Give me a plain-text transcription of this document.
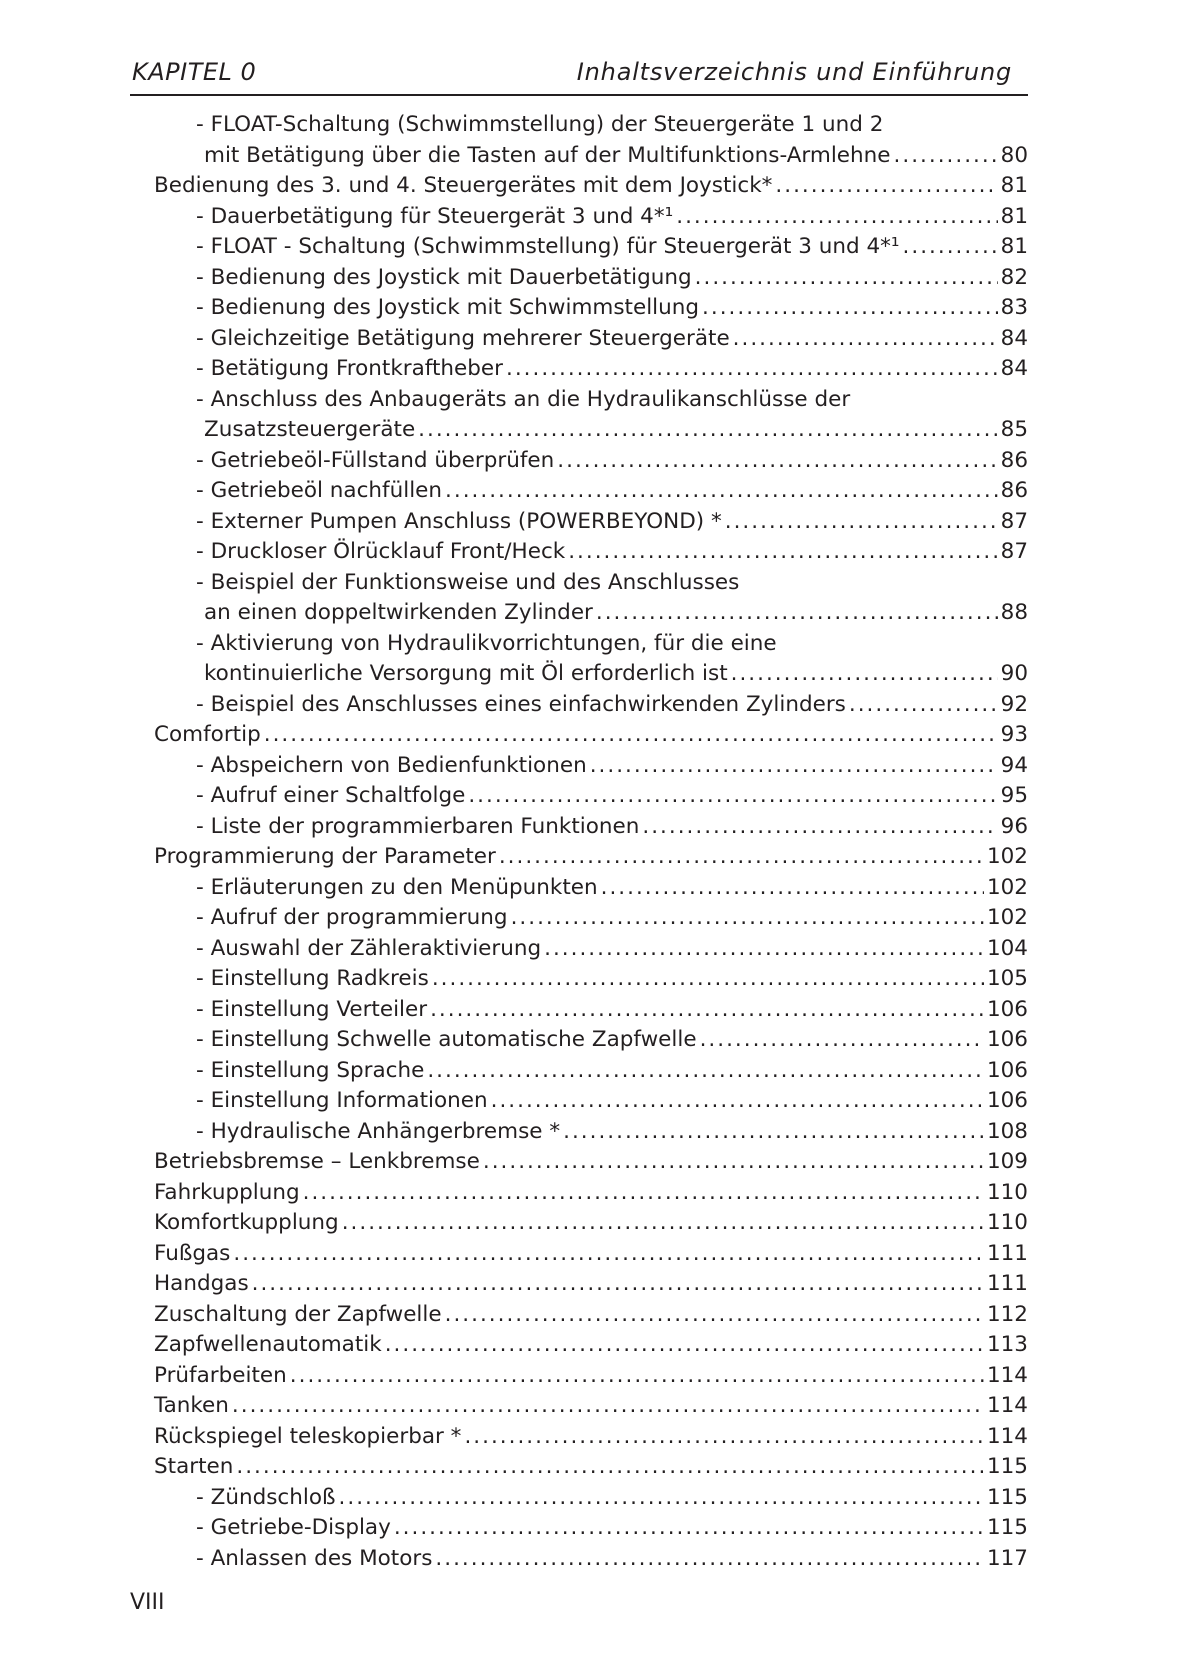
KAPITEL 0	Inhaltsverzeichnis und Einführung
- FLOAT-Schaltung (Schwimmstellung) der Steuergeräte 1 und 2
mit Betätigung über die Tasten auf der Multifunktions-Armlehne .....	80
Bedienung des 3. und 4. Steuergerätes mit dem Joystick* .....	81
- Dauerbetätigung für Steuergerät 3 und 4*¹ .....	81
- FLOAT - Schaltung (Schwimmstellung) für Steuergerät 3 und 4*¹ .....	81
- Bedienung des Joystick mit Dauerbetätigung .....	82
- Bedienung des Joystick mit Schwimmstellung .....	83
- Gleichzeitige Betätigung mehrerer Steuergeräte .....	84
- Betätigung Frontkraftheber .....	84
- Anschluss des Anbaugeräts an die Hydraulikanschlüsse der
Zusatzsteuergeräte .....	85
- Getriebeöl-Füllstand überprüfen .....	86
- Getriebeöl nachfüllen .....	86
- Externer Pumpen Anschluss (POWERBEYOND) * .....	87
- Druckloser Ölrücklauf Front/Heck .....	87
- Beispiel der Funktionsweise und des Anschlusses
an einen doppeltwirkenden Zylinder .....	88
- Aktivierung von Hydraulikvorrichtungen, für die eine
kontinuierliche Versorgung mit Öl erforderlich ist .....	90
- Beispiel des Anschlusses eines einfachwirkenden Zylinders .....	92
Comfortip .....	93
- Abspeichern von Bedienfunktionen .....	94
- Aufruf einer Schaltfolge .....	95
- Liste der programmierbaren Funktionen .....	96
Programmierung der Parameter .....	102
- Erläuterungen zu den Menüpunkten .....	102
- Aufruf der programmierung .....	102
- Auswahl der Zähleraktivierung .....	104
- Einstellung Radkreis .....	105
- Einstellung Verteiler .....	106
- Einstellung Schwelle automatische Zapfwelle .....	106
- Einstellung Sprache .....	106
- Einstellung Informationen .....	106
- Hydraulische Anhängerbremse * .....	108
Betriebsbremse – Lenkbremse .....	109
Fahrkupplung .....	110
Komfortkupplung .....	110
Fußgas .....	111
Handgas .....	111
Zuschaltung der Zapfwelle .....	112
Zapfwellenautomatik .....	113
Prüfarbeiten .....	114
Tanken .....	114
Rückspiegel teleskopierbar * .....	114
Starten .....	115
- Zündschloß .....	115
- Getriebe-Display .....	115
- Anlassen des Motors .....	117
VIII
